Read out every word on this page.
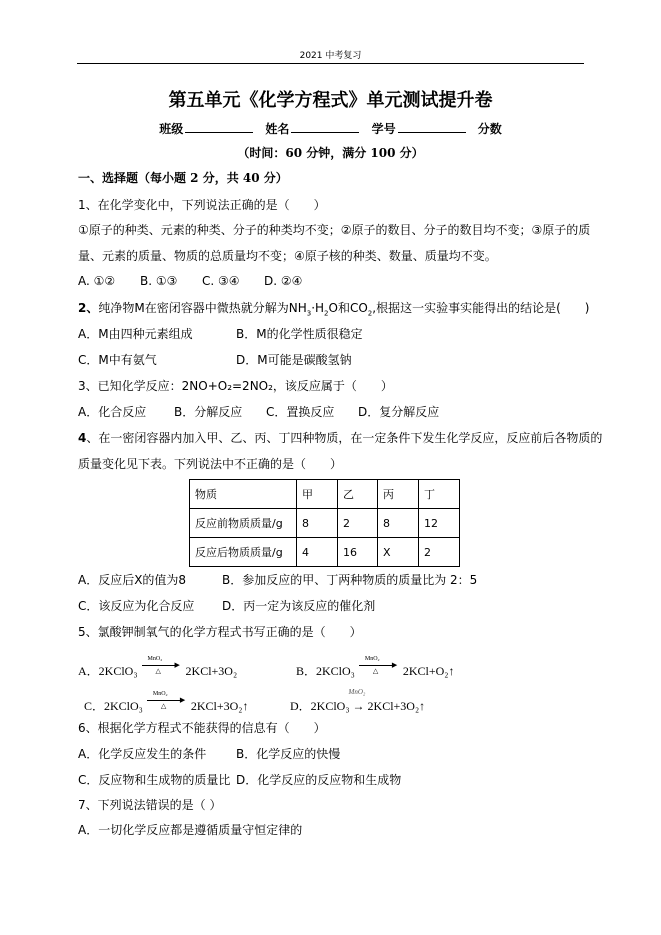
2021 中考复习
第五单元《化学方程式》单元测试提升卷
班级	姓名	学号	分数
（时间：60 分钟，满分 100 分）
一、选择题（每小题 2 分，共 40 分）
1、在化学变化中，下列说法正确的是（　　）
①原子的种类、元素的种类、分子的种类均不变；②原子的数目、分子的数目均不变；③原子的质
量、元素的质量、物质的总质量均不变；④原子核的种类、数量、质量均不变。
A. ①② B. ①③ C. ③④ D. ②④
2、纯净物M在密闭容器中微热就分解为$NH_3\cdot H_2O$和$CO_2$,根据这一实验事实能得出的结论是(　　)
A．M由四种元素组成	B．M的化学性质很稳定
C．M中有氨气	D．M可能是碳酸氢钠
3、已知化学反应：2NO+O₂=2NO₂，该反应属于（　　）
A．化合反应 B．分解反应 C．置换反应 D．复分解反应
4、在一密闭容器内加入甲、乙、丙、丁四种物质，在一定条件下发生化学反应，反应前后各物质的
质量变化见下表。下列说法中不正确的是（　　）
物质	甲	乙	丙	丁
反应前物质质量/g	8	2	8	12
反应后物质质量/g	4	16	X	2
A．反应后X的值为8	B．参加反应的甲、丁两种物质的质量比为 2：5
C．该反应为化合反应 D．丙一定为该反应的催化剂
5、氯酸钾制氧气的化学方程式书写正确的是（　　）
A．2KClO₃
MnO₂
▶
△ 2KCl+3O₂	B．2KClO₃
MnO₂
▶
△ 2KCl+O₂↑
C．2KClO₃
MnO₂
▶
△ 2KCl+3O₂↑	D．2KClO₃
MnO₂
→ 2KCl+3O₂↑
6、根据化学方程式不能获得的信息有（　　）
A．化学反应发生的条件 B．化学反应的快慢
C．反应物和生成物的质量比 D．化学反应的反应物和生成物
7、下列说法错误的是（ ）
A．一切化学反应都是遵循质量守恒定律的
